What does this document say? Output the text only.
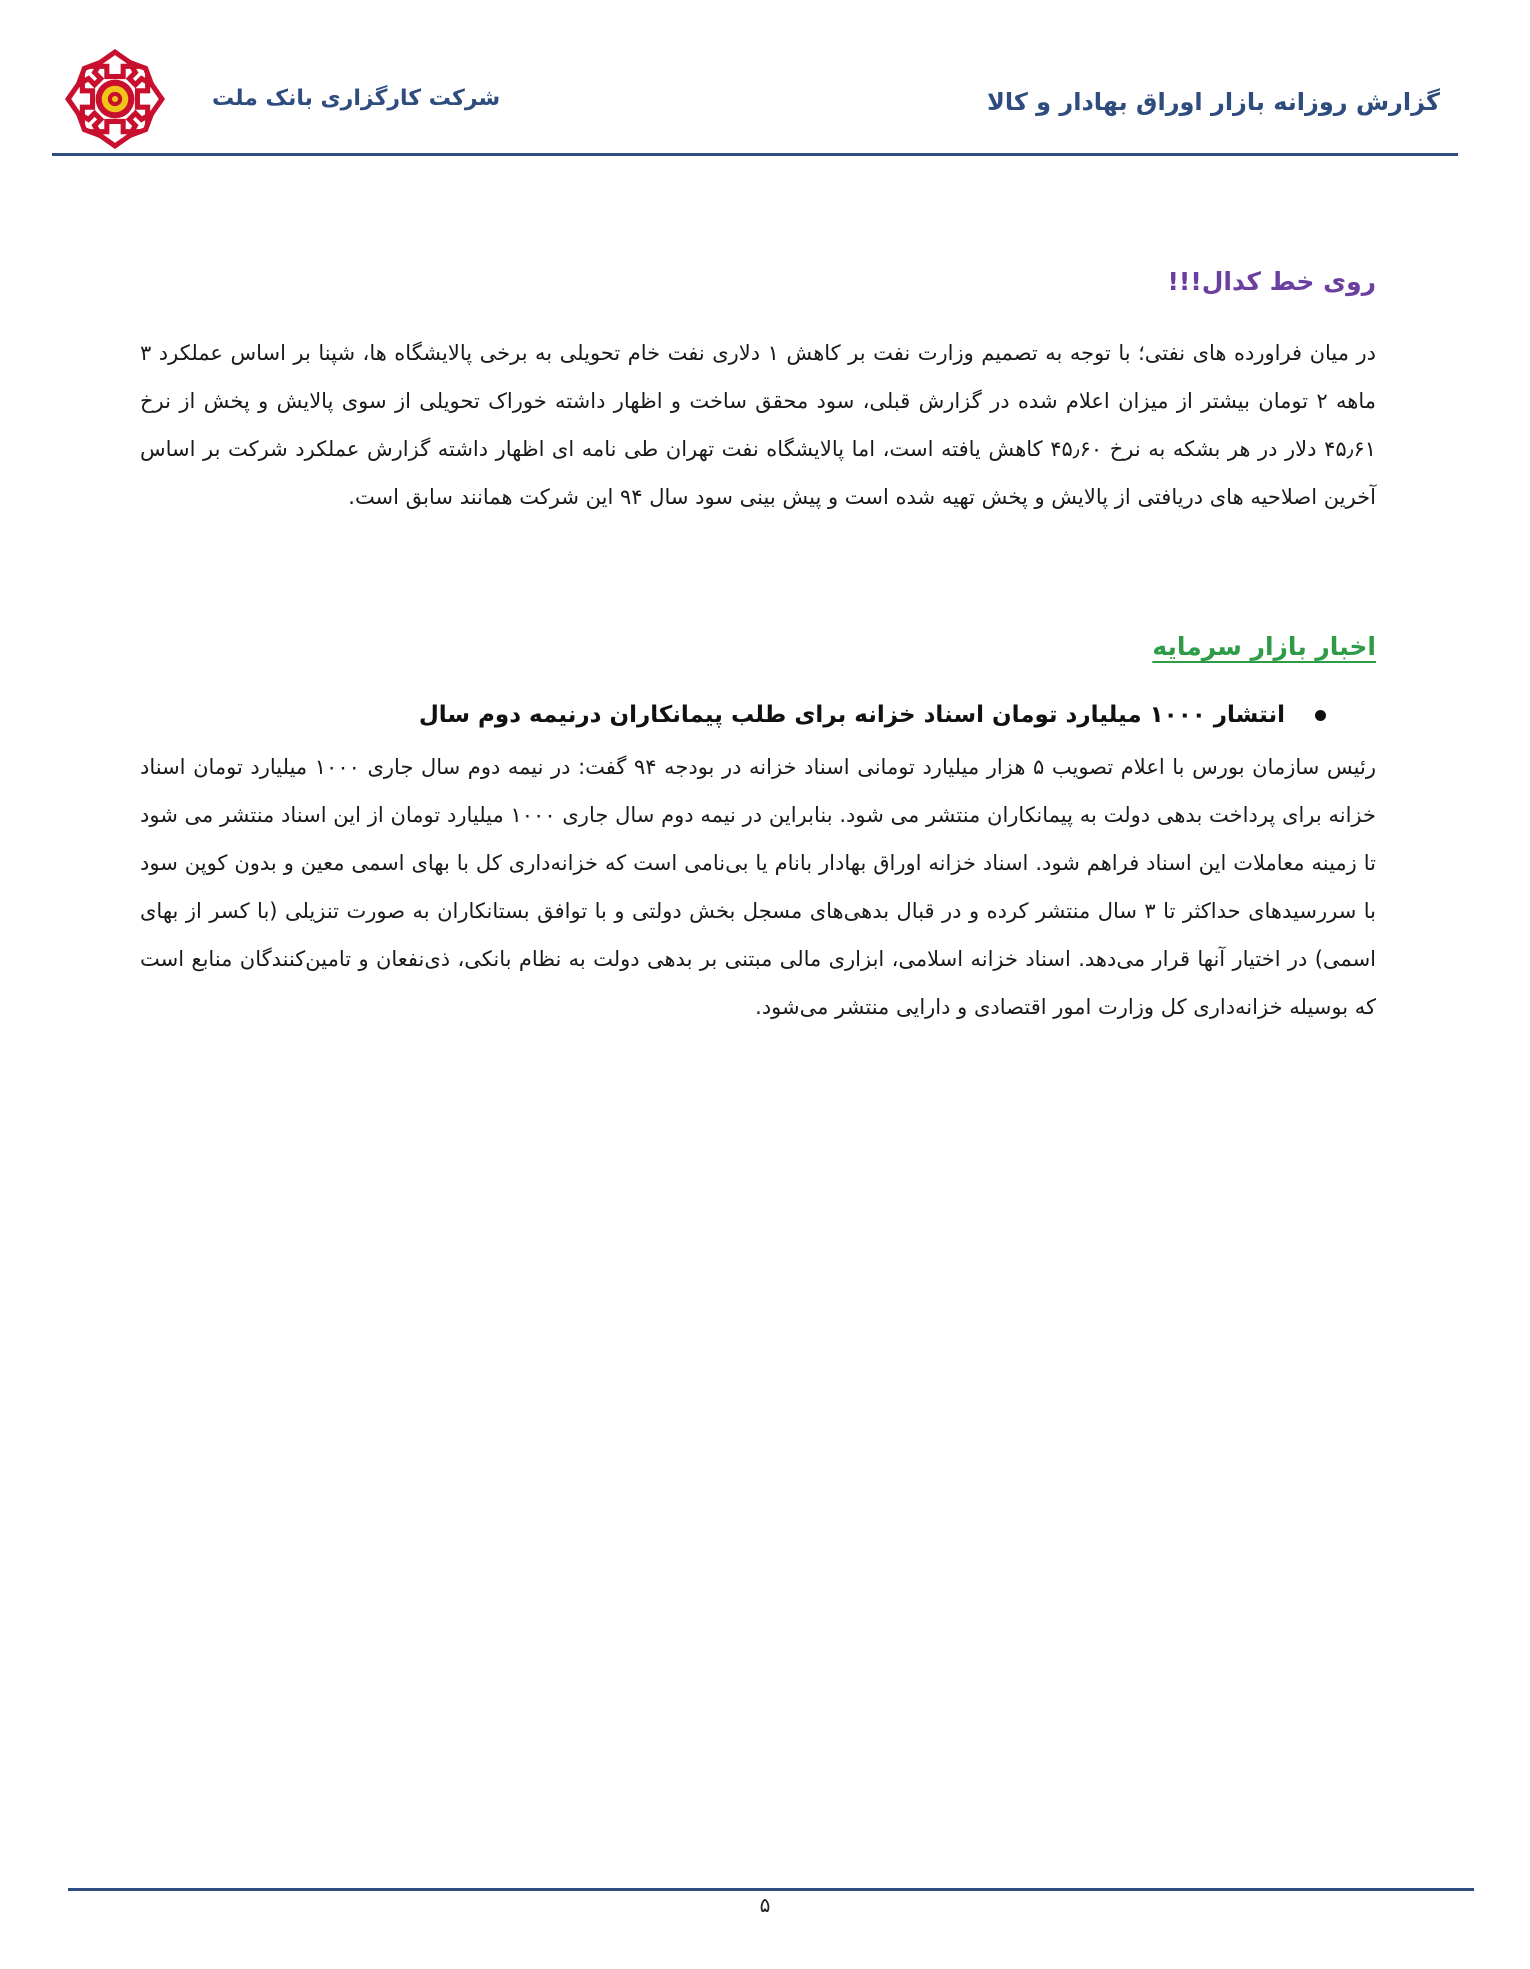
شرکت کارگزاری بانک ملت	گزارش روزانه بازار اوراق بهادار و کالا
روی خط کدال!!!

در میان فراورده های نفتی؛ با توجه به تصمیم وزارت نفت بر کاهش ۱ دلاری نفت خام تحویلی به برخی پالایشگاه ها، شپنا بر اساس عملکرد ۳ ماهه ۲ تومان بیشتر از میزان اعلام شده در گزارش قبلی، سود محقق ساخت و اظهار داشته خوراک تحویلی از سوی پالایش و پخش از نرخ ۴۵٫۶۱ دلار در هر بشکه به نرخ ۴۵٫۶۰ کاهش یافته است، اما پالایشگاه نفت تهران طی نامه ای اظهار داشته گزارش عملکرد شرکت بر اساس آخرین اصلاحیه های دریافتی از پالایش و پخش تهیه شده است و پیش بینی سود سال ۹۴ این شرکت همانند سابق است.

اخبار بازار سرمایه
انتشار ۱۰۰۰ میلیارد تومان اسناد خزانه برای طلب پیمانکاران درنیمه دوم سال

رئیس سازمان بورس با اعلام تصویب ۵ هزار میلیارد تومانی اسناد خزانه در بودجه ۹۴ گفت: در نیمه دوم سال جاری ۱۰۰۰ میلیارد تومان اسناد خزانه برای پرداخت بدهی دولت به پیمانکاران منتشر می شود. بنابراین در نیمه دوم سال جاری ۱۰۰۰ میلیارد تومان از این اسناد منتشر می شود تا زمینه معاملات این اسناد فراهم شود. اسناد خزانه اوراق بهادار بانام یا بی‌نامی است که خزانه‌داری کل با بهای اسمی معین و بدون کوپن سود با سررسیدهای حداکثر تا ۳ سال منتشر کرده و در قبال بدهی‌های مسجل بخش دولتی و با توافق بستانکاران به صورت تنزیلی (با کسر از بهای اسمی) در اختیار آنها قرار می‌دهد. اسناد خزانه اسلامی، ابزاری مالی مبتنی بر بدهی دولت به نظام بانکی، ذی‌نفعان و تامین‌کنندگان منابع است که بوسیله خزانه‌داری کل وزارت امور اقتصادی و دارایی منتشر می‌شود.

۵
